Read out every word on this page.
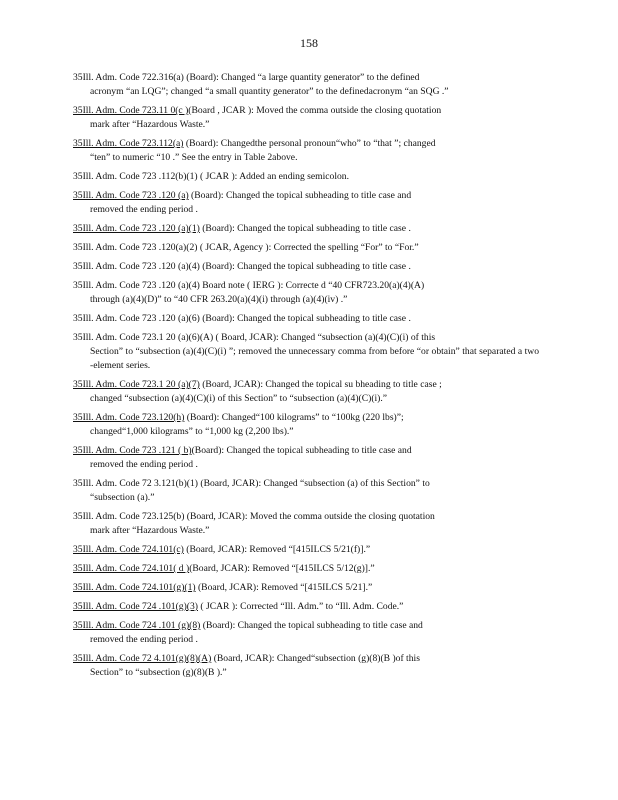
158
35Ill. Adm. Code 722.316(a) (Board): Changed “a large quantity generator” to the defined
acronym “an LQG”; changed “a small quantity generator” to the definedacronym “an SQG .”
35Ill. Adm. Code 723.11 0(c )(Board , JCAR ): Moved the comma outside the closing quotation
mark after “Hazardous Waste.”
35Ill. Adm. Code 723.112(a) (Board): Changedthe personal pronoun“who” to “that ”; changed
“ten” to numeric “10 .” See the entry in Table 2above.
35Ill. Adm. Code 723 .112(b)(1) ( JCAR ): Added an ending semicolon.
35Ill. Adm. Code 723 .120 (a) (Board): Changed the topical subheading to title case and
removed the ending period .
35Ill. Adm. Code 723 .120 (a)(1) (Board): Changed the topical subheading to title case .
35Ill. Adm. Code 723 .120(a)(2) ( JCAR, Agency ): Corrected the spelling “For” to “For.”
35Ill. Adm. Code 723 .120 (a)(4) (Board): Changed the topical subheading to title case .
35Ill. Adm. Code 723 .120 (a)(4) Board note ( IERG ): Correcte d “40 CFR723.20(a)(4)(A)
through (a)(4)(D)” to “40 CFR 263.20(a)(4)(i) through (a)(4)(iv) .”
35Ill. Adm. Code 723 .120 (a)(6) (Board): Changed the topical subheading to title case .
35Ill. Adm. Code 723.1 20 (a)(6)(A) ( Board, JCAR): Changed “subsection (a)(4)(C)(i) of this
Section” to “subsection (a)(4)(C)(i) ”; removed the unnecessary comma from before “or obtain” that separated a two -element series.
35Ill. Adm. Code 723.1 20 (a)(7) (Board, JCAR): Changed the topical su bheading to title case ;
changed “subsection (a)(4)(C)(i) of this Section” to “subsection (a)(4)(C)(i).”
35Ill. Adm. Code 723.120(h) (Board): Changed“100 kilograms” to “100kg (220 lbs)”;
changed“1,000 kilograms” to “1,000 kg (2,200 lbs).”
35Ill. Adm. Code 723 .121 ( b)(Board): Changed the topical subheading to title case and
removed the ending period .
35Ill. Adm. Code 72 3.121(b)(1) (Board, JCAR): Changed “subsection (a) of this Section” to
“subsection (a).”
35Ill. Adm. Code 723.125(b) (Board, JCAR): Moved the comma outside the closing quotation
mark after “Hazardous Waste.”
35Ill. Adm. Code 724.101(c) (Board, JCAR): Removed “[415ILCS 5/21(f)].”
35Ill. Adm. Code 724.101( d )(Board, JCAR): Removed “[415ILCS 5/12(g)].”
35Ill. Adm. Code 724.101(g)(1) (Board, JCAR): Removed “[415ILCS 5/21].”
35Ill. Adm. Code 724 .101(g)(3) ( JCAR ): Corrected “Ill. Adm.” to “Ill. Adm. Code.”
35Ill. Adm. Code 724 .101 (g)(8) (Board): Changed the topical subheading to title case and
removed the ending period .
35Ill. Adm. Code 72 4.101(g)(8)(A) (Board, JCAR): Changed“subsection (g)(8)(B )of this
Section” to “subsection (g)(8)(B ).”
